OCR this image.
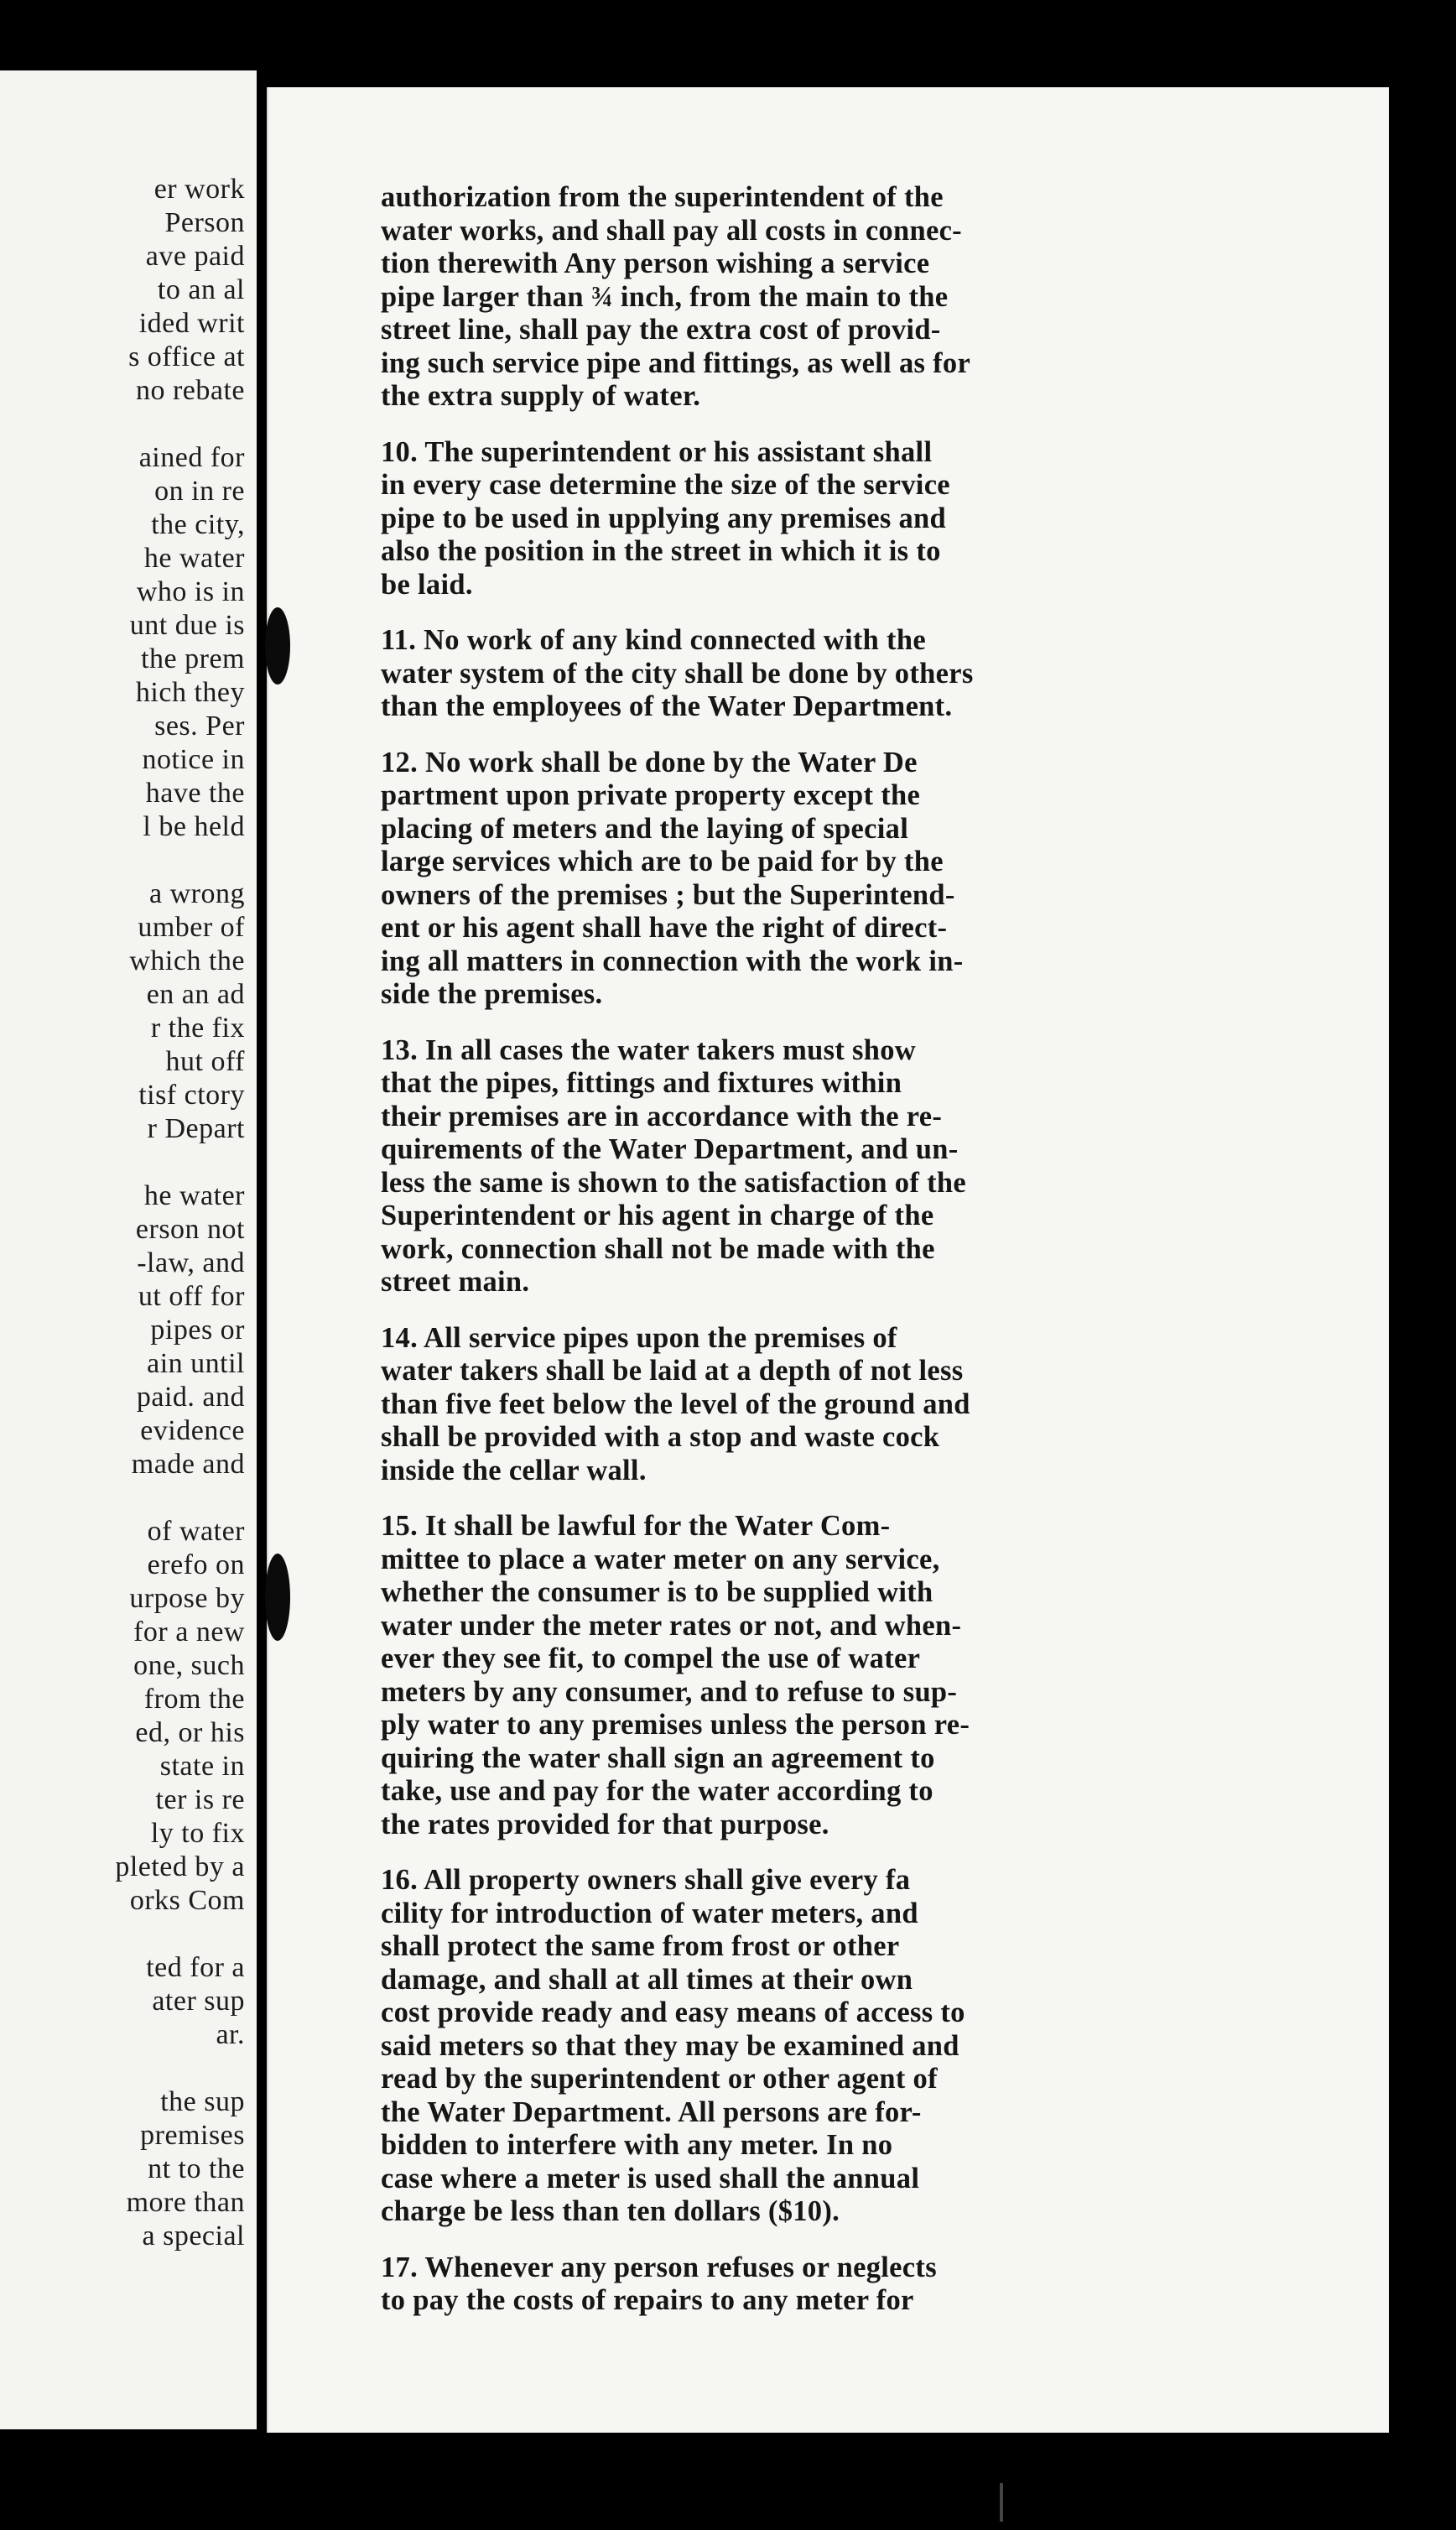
er work
Person
ave paid
to an al
ided writ
s office at
no rebate
ained for
on in re
the city,
he water
who is in
unt due is
the prem
hich they
ses. Per
notice in
have the
l be held
a wrong
umber of
which the
en an ad
r the fix
hut off
tisf ctory
r Depart
he water
erson not
-law, and
ut off for
pipes or
ain until
paid. and
evidence
made and
of water
erefo on
urpose by
for a new
one, such
from the
ed, or his
state in
ter is re
ly to fix
pleted by a
orks Com
ted for a
ater sup
ar.
the sup
premises
nt to the
more than
a special
authorization from the superintendent of the
water works, and shall pay all costs in connec-
tion therewith Any person wishing a service
pipe larger than ¾ inch, from the main to the
street line, shall pay the extra cost of provid-
ing such service pipe and fittings, as well as for
the extra supply of water.
10. The superintendent or his assistant shall
in every case determine the size of the service
pipe to be used in upplying any premises and
also the position in the street in which it is to
be laid.
11. No work of any kind connected with the
water system of the city shall be done by others
than the employees of the Water Department.
12. No work shall be done by the Water De
partment upon private property except the
placing of meters and the laying of special
large services which are to be paid for by the
owners of the premises ; but the Superintend-
ent or his agent shall have the right of direct-
ing all matters in connection with the work in-
side the premises.
13. In all cases the water takers must show
that the pipes, fittings and fixtures within
their premises are in accordance with the re-
quirements of the Water Department, and un-
less the same is shown to the satisfaction of the
Superintendent or his agent in charge of the
work, connection shall not be made with the
street main.
14. All service pipes upon the premises of
water takers shall be laid at a depth of not less
than five feet below the level of the ground and
shall be provided with a stop and waste cock
inside the cellar wall.
15. It shall be lawful for the Water Com-
mittee to place a water meter on any service,
whether the consumer is to be supplied with
water under the meter rates or not, and when-
ever they see fit, to compel the use of water
meters by any consumer, and to refuse to sup-
ply water to any premises unless the person re-
quiring the water shall sign an agreement to
take, use and pay for the water according to
the rates provided for that purpose.
16. All property owners shall give every fa
cility for introduction of water meters, and
shall protect the same from frost or other
damage, and shall at all times at their own
cost provide ready and easy means of access to
said meters so that they may be examined and
read by the superintendent or other agent of
the Water Department. All persons are for-
bidden to interfere with any meter. In no
case where a meter is used shall the annual
charge be less than ten dollars ($10).
17. Whenever any person refuses or neglects
to pay the costs of repairs to any meter for
